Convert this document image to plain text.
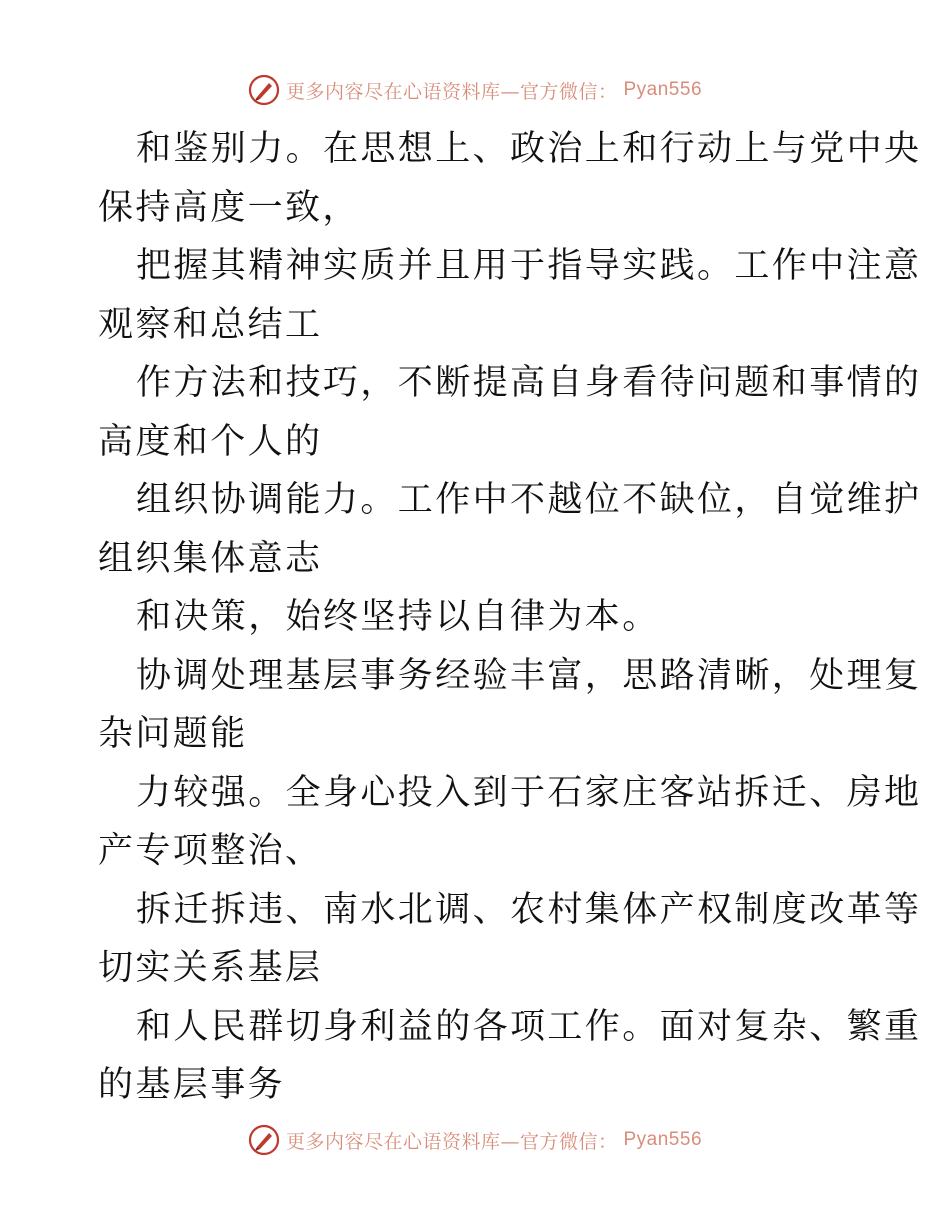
更多内容尽在心语资料库—官方微信： Pyan556
和鉴别力。在思想上、政治上和行动上与党中央
保持高度一致，
把握其精神实质并且用于指导实践。工作中注意
观察和总结工
作方法和技巧，不断提高自身看待问题和事情的
高度和个人的
组织协调能力。工作中不越位不缺位，自觉维护
组织集体意志
和决策，始终坚持以自律为本。
协调处理基层事务经验丰富，思路清晰，处理复
杂问题能
力较强。全身心投入到于石家庄客站拆迁、房地
产专项整治、
拆迁拆违、南水北调、农村集体产权制度改革等
切实关系基层
和人民群切身利益的各项工作。面对复杂、繁重
的基层事务
更多内容尽在心语资料库—官方微信： Pyan556
